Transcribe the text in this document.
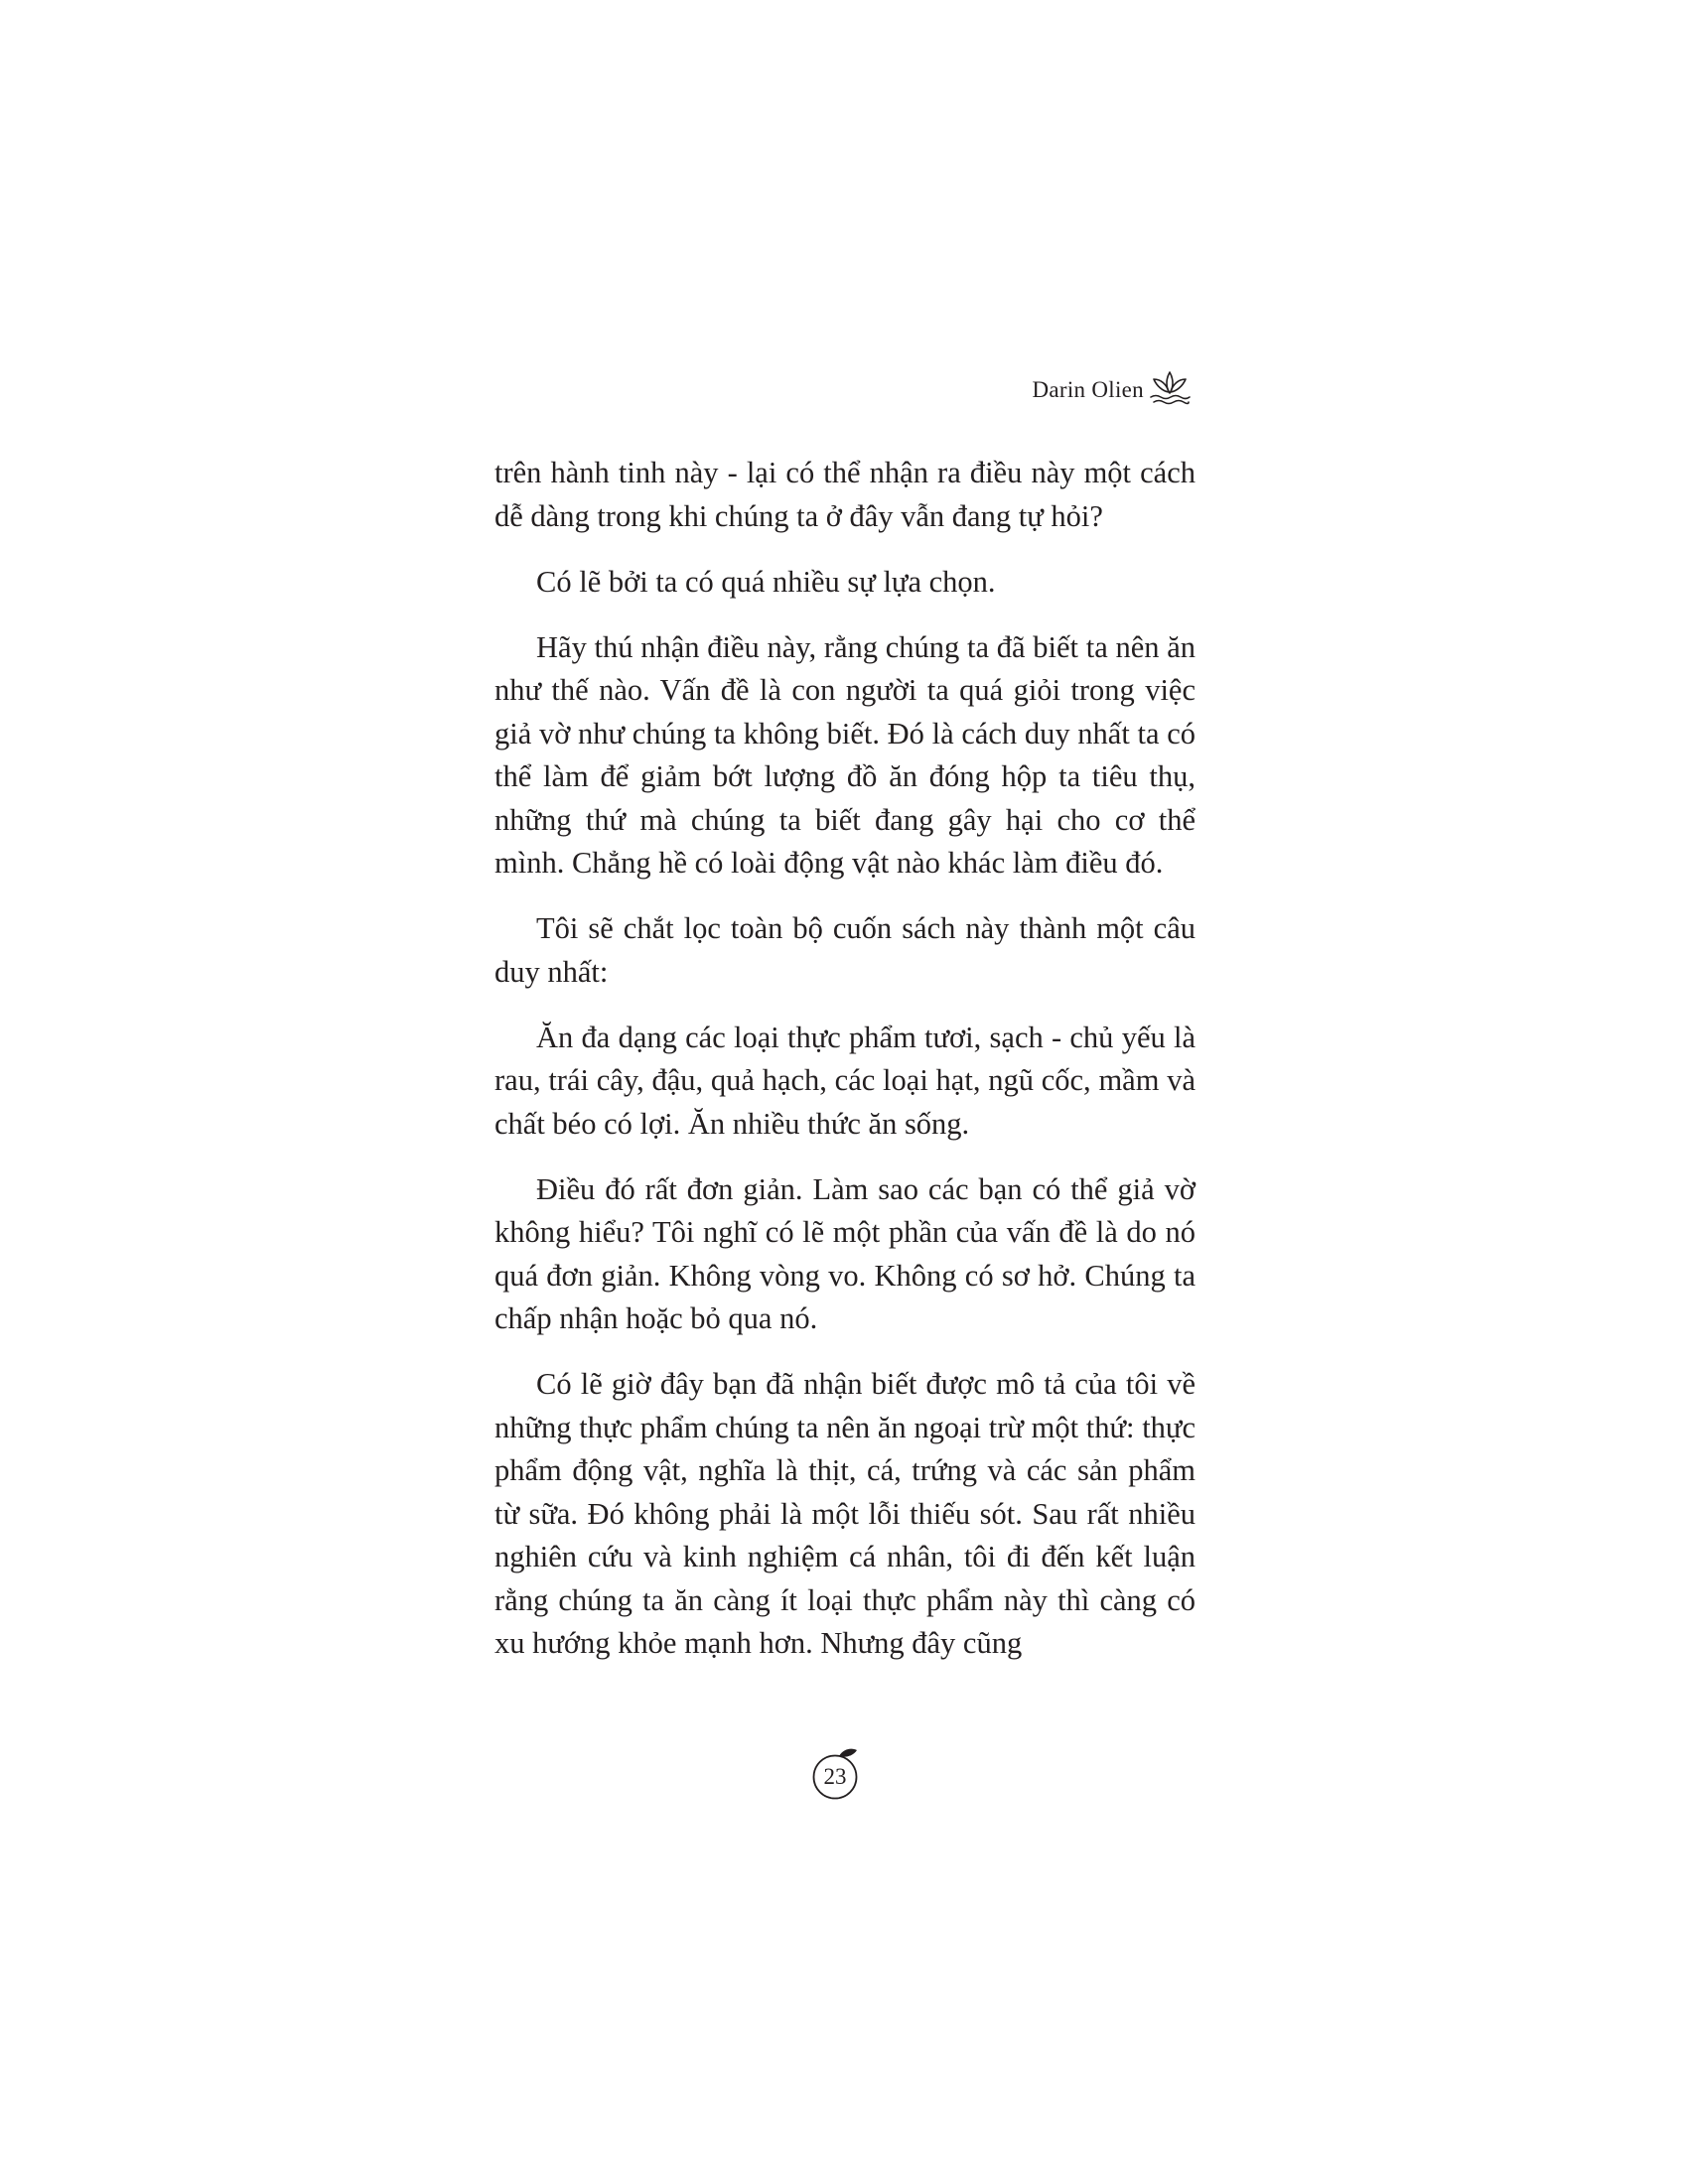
Darin Olien

trên hành tinh này - lại có thể nhận ra điều này một cách dễ dàng trong khi chúng ta ở đây vẫn đang tự hỏi?

Có lẽ bởi ta có quá nhiều sự lựa chọn.

Hãy thú nhận điều này, rằng chúng ta đã biết ta nên ăn như thế nào. Vấn đề là con người ta quá giỏi trong việc giả vờ như chúng ta không biết. Đó là cách duy nhất ta có thể làm để giảm bớt lượng đồ ăn đóng hộp ta tiêu thụ, những thứ mà chúng ta biết đang gây hại cho cơ thể mình. Chẳng hề có loài động vật nào khác làm điều đó.

Tôi sẽ chắt lọc toàn bộ cuốn sách này thành một câu duy nhất:

Ăn đa dạng các loại thực phẩm tươi, sạch - chủ yếu là rau, trái cây, đậu, quả hạch, các loại hạt, ngũ cốc, mầm và chất béo có lợi. Ăn nhiều thức ăn sống.

Điều đó rất đơn giản. Làm sao các bạn có thể giả vờ không hiểu? Tôi nghĩ có lẽ một phần của vấn đề là do nó quá đơn giản. Không vòng vo. Không có sơ hở. Chúng ta chấp nhận hoặc bỏ qua nó.

Có lẽ giờ đây bạn đã nhận biết được mô tả của tôi về những thực phẩm chúng ta nên ăn ngoại trừ một thứ: thực phẩm động vật, nghĩa là thịt, cá, trứng và các sản phẩm từ sữa. Đó không phải là một lỗi thiếu sót. Sau rất nhiều nghiên cứu và kinh nghiệm cá nhân, tôi đi đến kết luận rằng chúng ta ăn càng ít loại thực phẩm này thì càng có xu hướng khỏe mạnh hơn. Nhưng đây cũng

23
